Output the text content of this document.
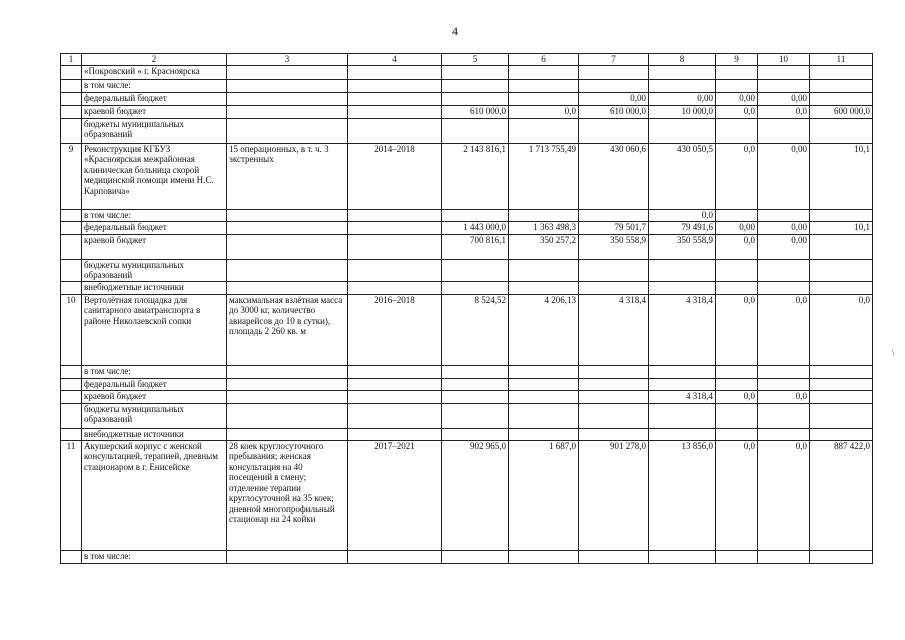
4
1	2	3	4	5	6	7	8	9	10	11
	«Покровский « г. Красноярска									
	в том числе:									
	федеральный бюджет					0,00	0,00	0,00	0,00	
	краевой бюджет			610 000,0	0,0	610 000,0	10 000,0	0,0	0,0	600 000,0
	бюджеты муниципальных образований									
9	Реконструкция КГБУЗ «Красноярская межрайонная клиническая больница скорой медицинской помощи имени Н.С. Карповича»	15 операционных, в т. ч. 3 экстренных	2014–2018	2 143 816,1	1 713 755,49	430 060,6	430 050,5	0,0	0,00	10,1
	в том числе:						0,0			
	федеральный бюджет			1 443 000,0	1 363 498,3	79 501,7	79 491,6	0,00	0,00	10,1
	краевой бюджет			700 816,1	350 257,2	350 558,9	350 558,9	0,0	0,00	
	бюджеты муниципальных образований									
	внебюджетные источники									
10	Вертолётная площадка для санитарного авиатранспорта в районе Николаевской сопки	максимальная взлётная масса до 3000 кг, количество авиарейсов до 10 в сутки), площадь 2 260 кв. м	2016–2018	8 524,52	4 206,13	4 318,4	4 318,4	0,0	0,0	0,0
	в том числе:									
	федеральный бюджет									
	краевой бюджет						4 318,4	0,0	0,0	
	бюджеты муниципальных образований									
	внебюджетные источники									
11	Акушерский корпус с женской консультацией, терапией, дневным стационаром в г. Енисейске	28 коек круглосуточного пребывания; женская консультация на 40 посещений в смену; отделение терапии круглосуточной на 35 коек; дневной многопрофильный стационар на 24 койки	2017–2021	902 965,0	1 687,0	901 278,0	13 856,0	0,0	0,0	887 422,0
	в том числе:									
\
